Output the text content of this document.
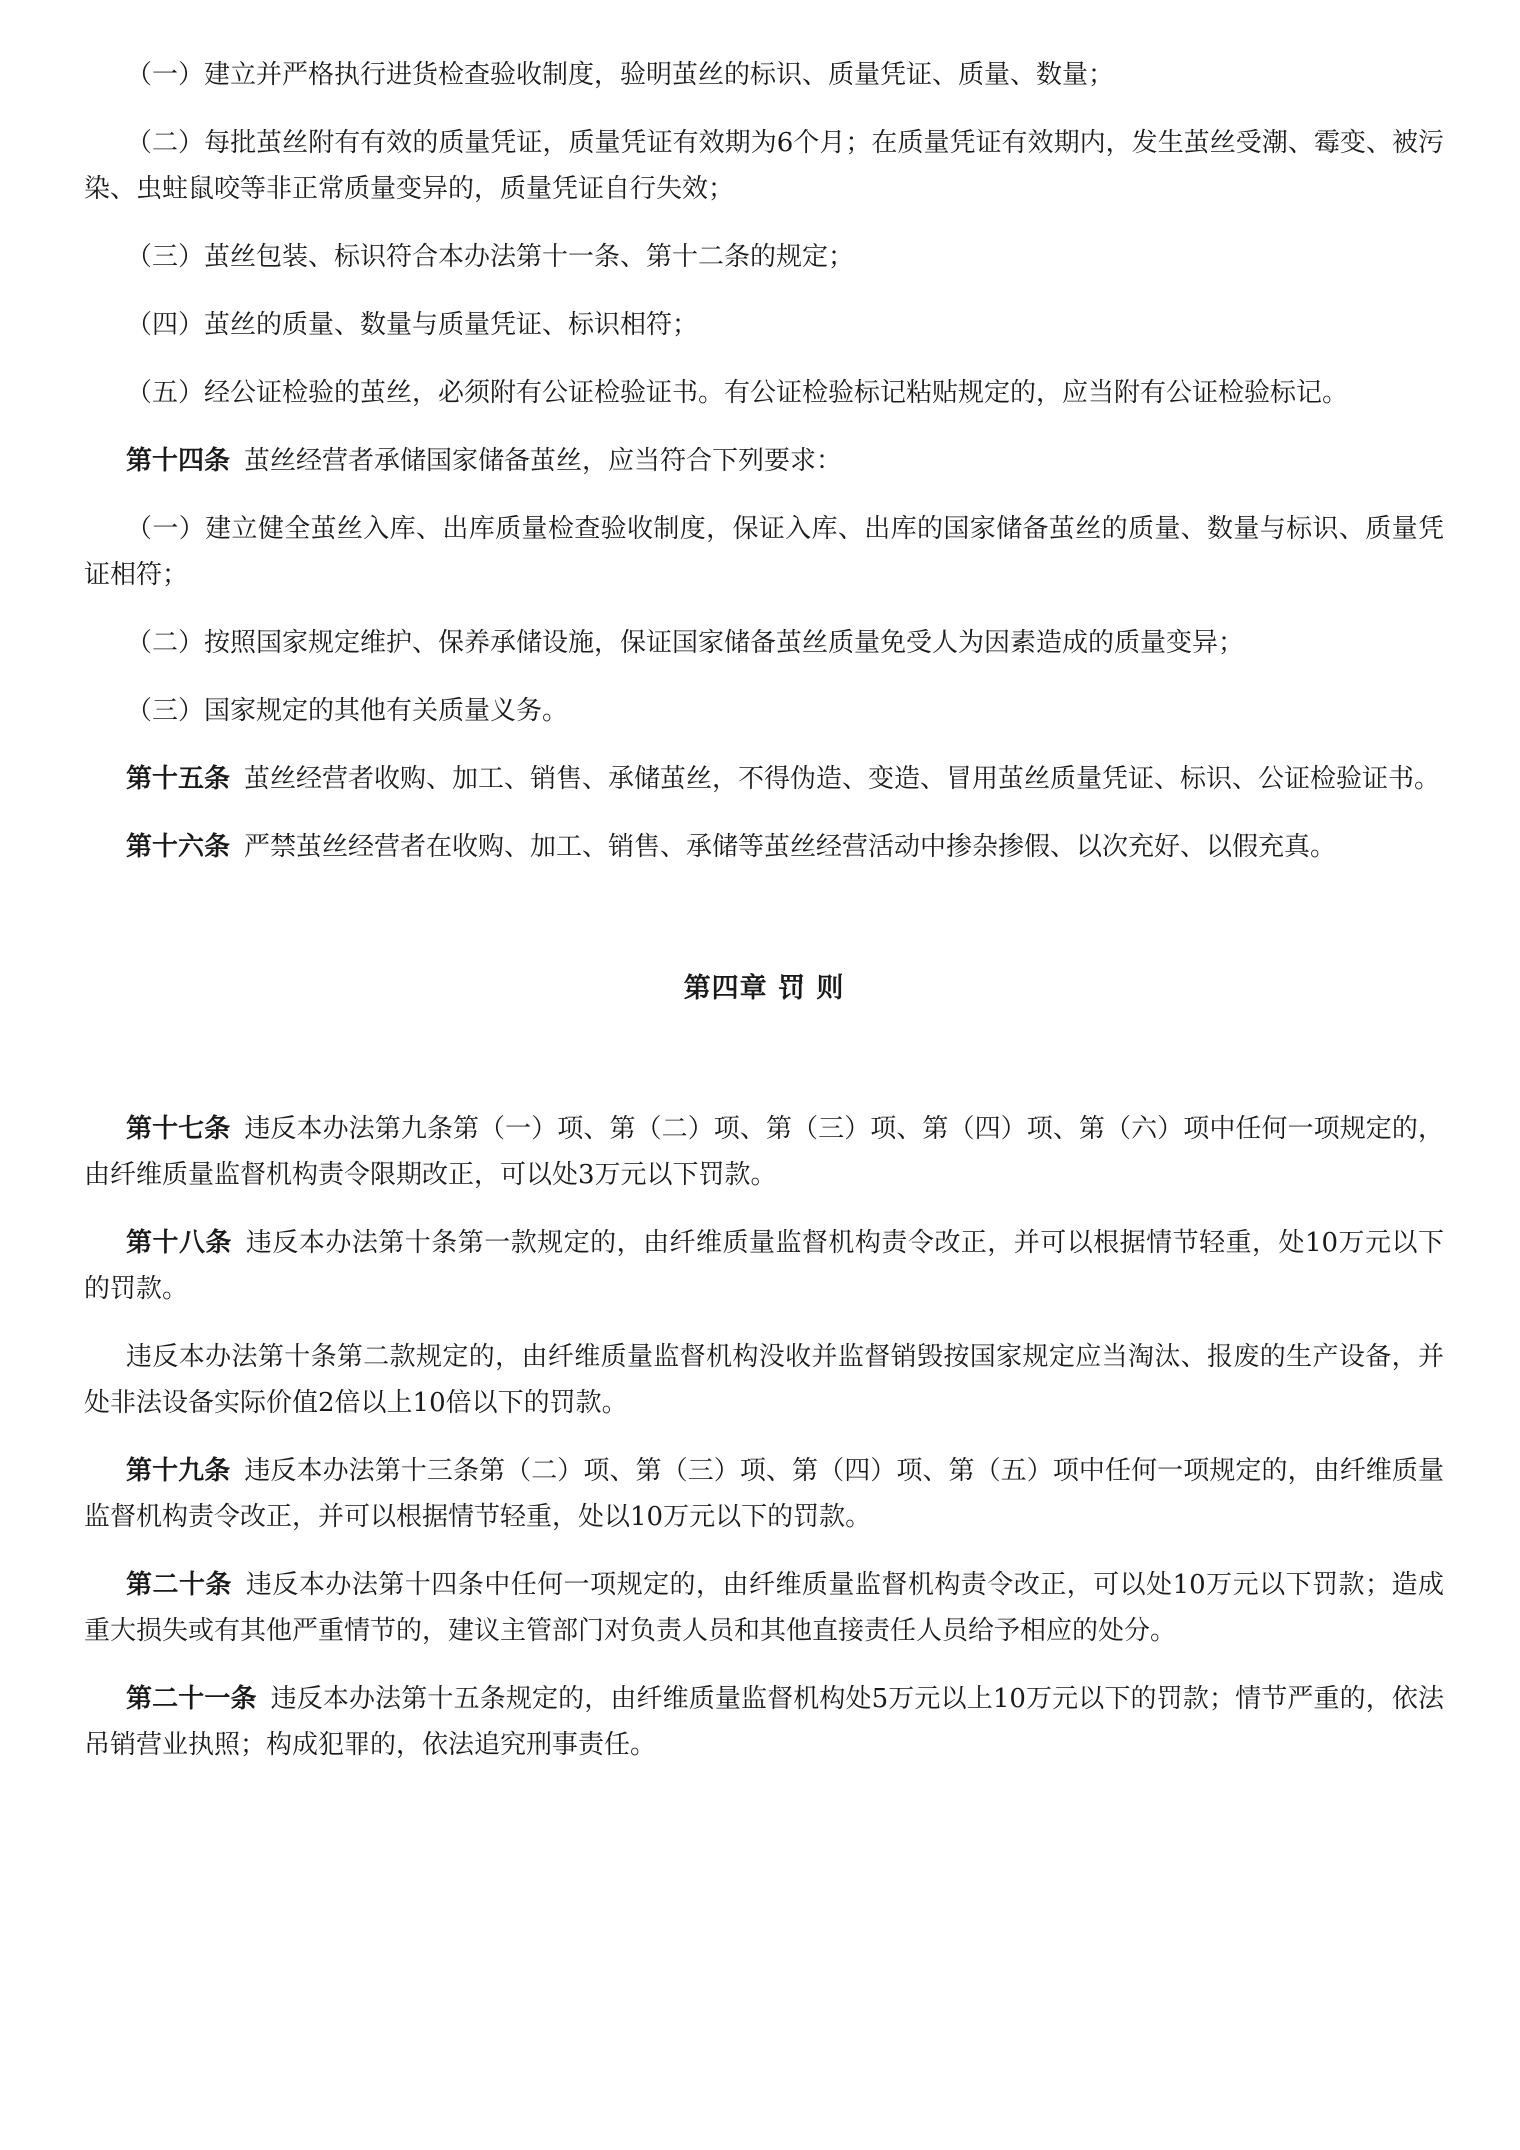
（一）建立并严格执行进货检查验收制度，验明茧丝的标识、质量凭证、质量、数量；

（二）每批茧丝附有有效的质量凭证，质量凭证有效期为6个月；在质量凭证有效期内，发生茧丝受潮、霉变、被污染、虫蛀鼠咬等非正常质量变异的，质量凭证自行失效；

（三）茧丝包装、标识符合本办法第十一条、第十二条的规定；

（四）茧丝的质量、数量与质量凭证、标识相符；

（五）经公证检验的茧丝，必须附有公证检验证书。有公证检验标记粘贴规定的，应当附有公证检验标记。

第十四条 茧丝经营者承储国家储备茧丝，应当符合下列要求：

（一）建立健全茧丝入库、出库质量检查验收制度，保证入库、出库的国家储备茧丝的质量、数量与标识、质量凭证相符；

（二）按照国家规定维护、保养承储设施，保证国家储备茧丝质量免受人为因素造成的质量变异；

（三）国家规定的其他有关质量义务。

第十五条 茧丝经营者收购、加工、销售、承储茧丝，不得伪造、变造、冒用茧丝质量凭证、标识、公证检验证书。

第十六条 严禁茧丝经营者在收购、加工、销售、承储等茧丝经营活动中掺杂掺假、以次充好、以假充真。

第四章 罚 则

第十七条 违反本办法第九条第（一）项、第（二）项、第（三）项、第（四）项、第（六）项中任何一项规定的，由纤维质量监督机构责令限期改正，可以处3万元以下罚款。

第十八条 违反本办法第十条第一款规定的，由纤维质量监督机构责令改正，并可以根据情节轻重，处10万元以下的罚款。

违反本办法第十条第二款规定的，由纤维质量监督机构没收并监督销毁按国家规定应当淘汰、报废的生产设备，并处非法设备实际价值2倍以上10倍以下的罚款。

第十九条 违反本办法第十三条第（二）项、第（三）项、第（四）项、第（五）项中任何一项规定的，由纤维质量监督机构责令改正，并可以根据情节轻重，处以10万元以下的罚款。

第二十条 违反本办法第十四条中任何一项规定的，由纤维质量监督机构责令改正，可以处10万元以下罚款；造成重大损失或有其他严重情节的，建议主管部门对负责人员和其他直接责任人员给予相应的处分。

第二十一条 违反本办法第十五条规定的，由纤维质量监督机构处5万元以上10万元以下的罚款；情节严重的，依法吊销营业执照；构成犯罪的，依法追究刑事责任。
